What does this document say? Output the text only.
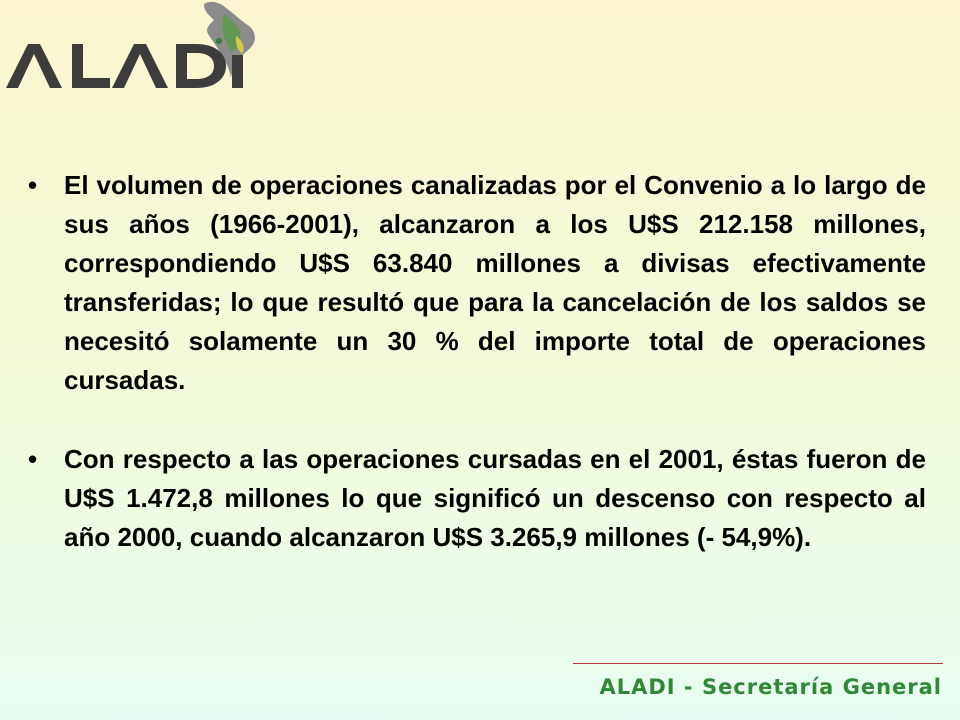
•	El volumen de operaciones canalizadas por el Convenio a lo largo de sus años (1966-2001), alcanzaron a los U$S 212.158 millones, correspondiendo U$S 63.840 millones a divisas efectivamente transferidas; lo que resultó que para la cancelación de los saldos se necesitó solamente un 30 % del importe total de operaciones cursadas.
•	Con respecto a las operaciones cursadas en el 2001, éstas fueron de U$S 1.472,8 millones lo que significó un descenso con respecto al año 2000, cuando alcanzaron U$S 3.265,9 millones (- 54,9%).
ALADI - Secretaría General
